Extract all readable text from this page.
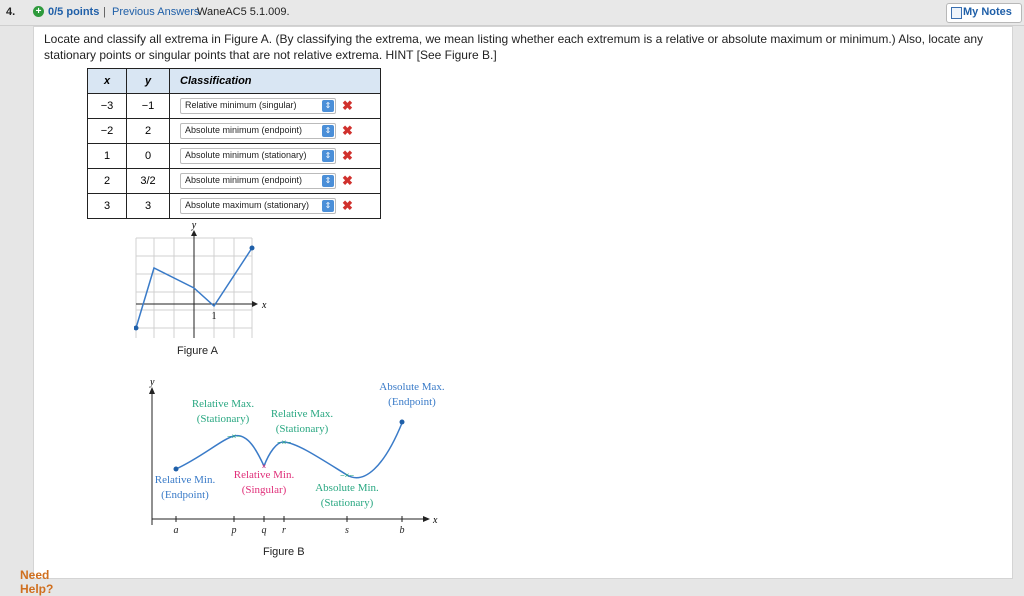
4. + 0/5 points | Previous Answers
WaneAC5 5.1.009.	My Notes
Locate and classify all extrema in Figure A. (By classifying the extrema, we mean listing whether each extremum is a relative or absolute maximum or minimum.) Also, locate any stationary points or singular points that are not relative extrema. HINT [See Figure B.]
x	y	Classification
−3	−1	Relative minimum (singular) ⇕ ✖
−2	2	Absolute minimum (endpoint) ⇕ ✖
1	0	Absolute minimum (stationary) ⇕ ✖
2	3/2	Absolute minimum (endpoint) ⇕ ✖
3	3	Absolute maximum (stationary) ⇕ ✖
y
x
1
Figure A
y
x
−×−
−×−
×
−×−
Absolute Max.
(Endpoint)
Relative Max.
(Stationary) Relative Max.
(Stationary)
Relative Min.
(Endpoint)
Relative Min.
(Singular)	Absolute Min.
(Stationary)
a	p	q r	s	b
Figure B
Need Help?
